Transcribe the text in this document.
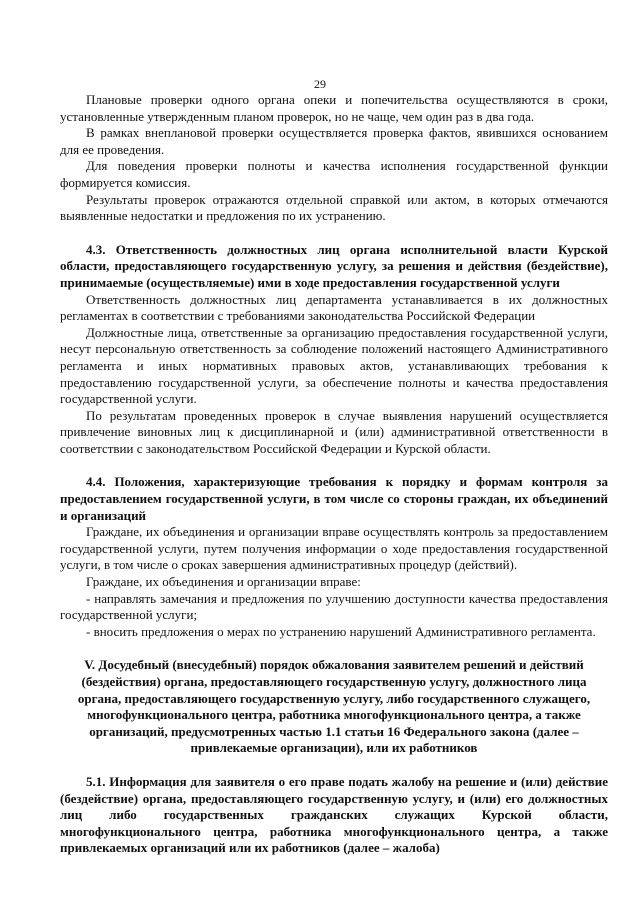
29

Плановые проверки одного органа опеки и попечительства осуществляются в сроки, установленные утвержденным планом проверок, но не чаще, чем один раз в два года.

В рамках внеплановой проверки осуществляется проверка фактов, явившихся основанием для ее проведения.

Для поведения проверки полноты и качества исполнения государственной функции формируется комиссия.

Результаты проверок отражаются отдельной справкой или актом, в которых отмечаются выявленные недостатки и предложения по их устранению.

4.3. Ответственность должностных лиц органа исполнительной власти Курской области, предоставляющего государственную услугу, за решения и действия (бездействие), принимаемые (осуществляемые) ими в ходе предоставления государственной услуги

Ответственность должностных лиц департамента устанавливается в их должностных регламентах в соответствии с требованиями законодательства Российской Федерации

Должностные лица, ответственные за организацию предоставления государственной услуги, несут персональную ответственность за соблюдение положений настоящего Административного регламента и иных нормативных правовых актов, устанавливающих требования к предоставлению государственной услуги, за обеспечение полноты и качества предоставления государственной услуги.

По результатам проведенных проверок в случае выявления нарушений осуществляется привлечение виновных лиц к дисциплинарной и (или) административной ответственности в соответствии с законодательством Российской Федерации и Курской области.

4.4. Положения, характеризующие требования к порядку и формам контроля за предоставлением государственной услуги, в том числе со стороны граждан, их объединений и организаций

Граждане, их объединения и организации вправе осуществлять контроль за предоставлением государственной услуги, путем получения информации о ходе предоставления государственной услуги, в том числе о сроках завершения административных процедур (действий).

Граждане, их объединения и организации вправе:

- направлять замечания и предложения по улучшению доступности качества предоставления государственной услуги;

- вносить предложения о мерах по устранению нарушений Административного регламента.

V. Досудебный (внесудебный) порядок обжалования заявителем решений и действий (бездействия) органа, предоставляющего государственную услугу, должностного лица органа, предоставляющего государственную услугу, либо государственного служащего, многофункционального центра, работника многофункционального центра, а также организаций, предусмотренных частью 1.1 статьи 16 Федерального закона (далее – привлекаемые организации), или их работников

5.1. Информация для заявителя о его праве подать жалобу на решение и (или) действие (бездействие) органа, предоставляющего государственную услугу, и (или) его должностных лиц либо государственных гражданских служащих Курской области, многофункционального центра, работника многофункционального центра, а также привлекаемых организаций или их работников (далее – жалоба)
